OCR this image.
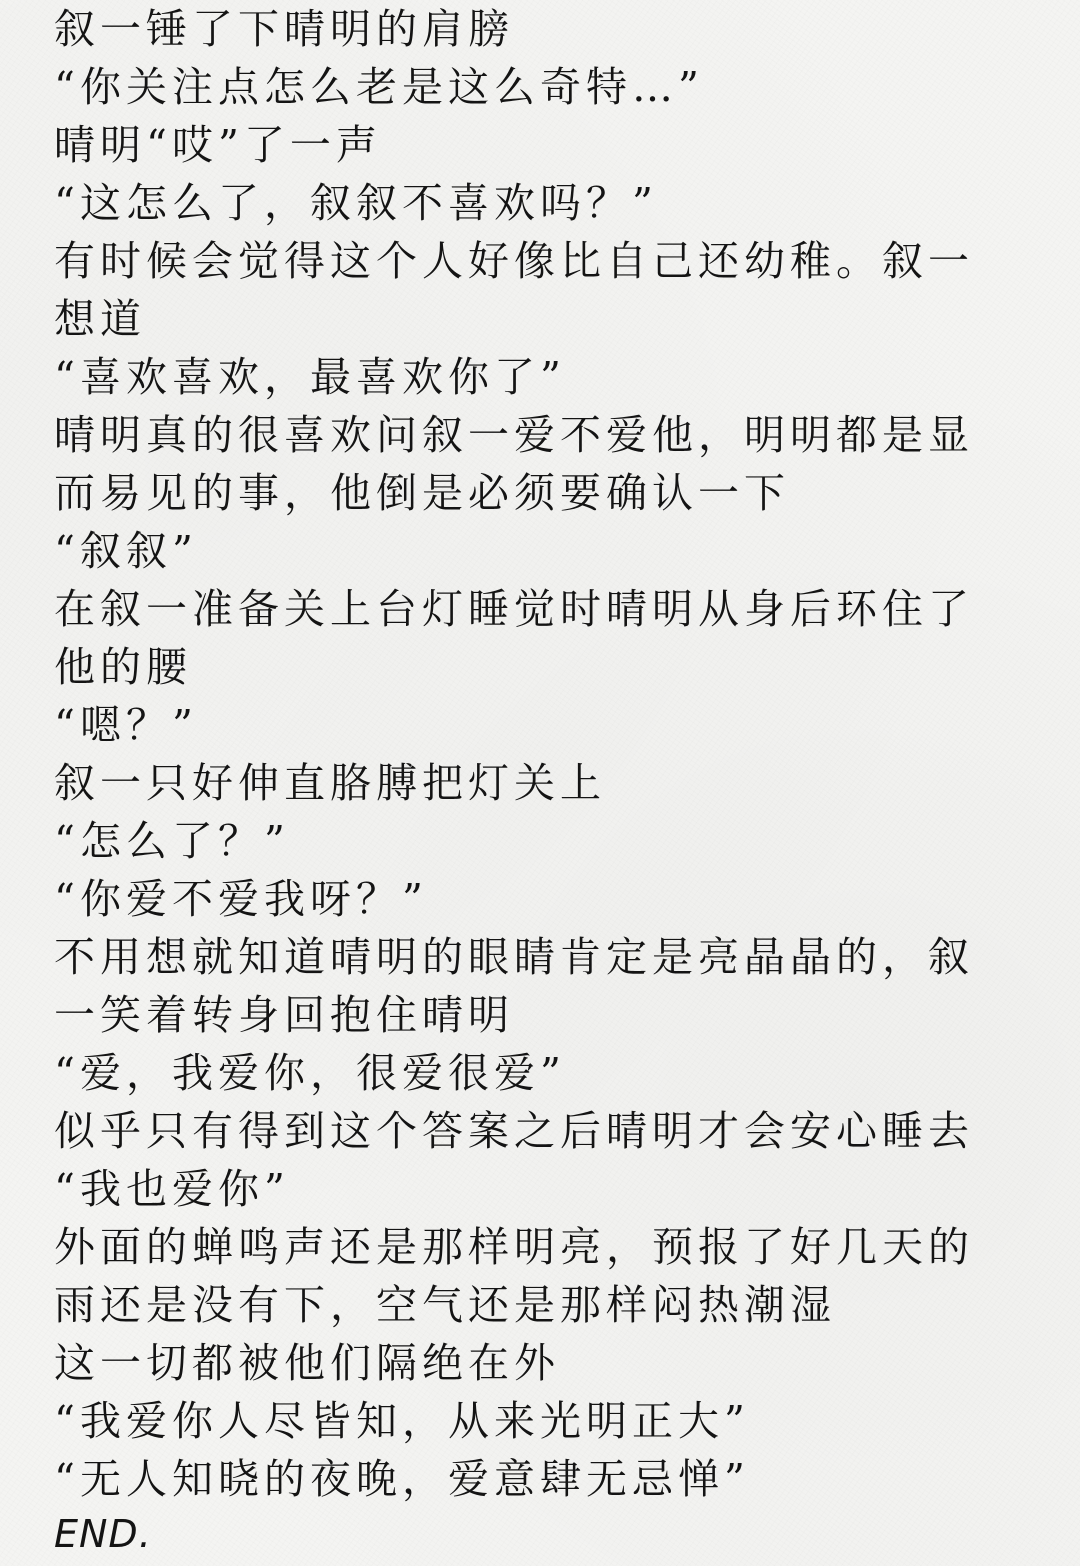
叙一锤了下晴明的肩膀
“你关注点怎么老是这么奇特…”
晴明“哎”了一声
“这怎么了，叙叙不喜欢吗？”
有时候会觉得这个人好像比自己还幼稚。叙一
想道
“喜欢喜欢，最喜欢你了”
晴明真的很喜欢问叙一爱不爱他，明明都是显
而易见的事，他倒是必须要确认一下
“叙叙”
在叙一准备关上台灯睡觉时晴明从身后环住了
他的腰
“嗯？”
叙一只好伸直胳膊把灯关上
“怎么了？”
“你爱不爱我呀？”
不用想就知道晴明的眼睛肯定是亮晶晶的，叙
一笑着转身回抱住晴明
“爱，我爱你，很爱很爱”
似乎只有得到这个答案之后晴明才会安心睡去
“我也爱你”
外面的蝉鸣声还是那样明亮，预报了好几天的
雨还是没有下，空气还是那样闷热潮湿
这一切都被他们隔绝在外
“我爱你人尽皆知，从来光明正大”
“无人知晓的夜晚，爱意肆无忌惮”
END.
